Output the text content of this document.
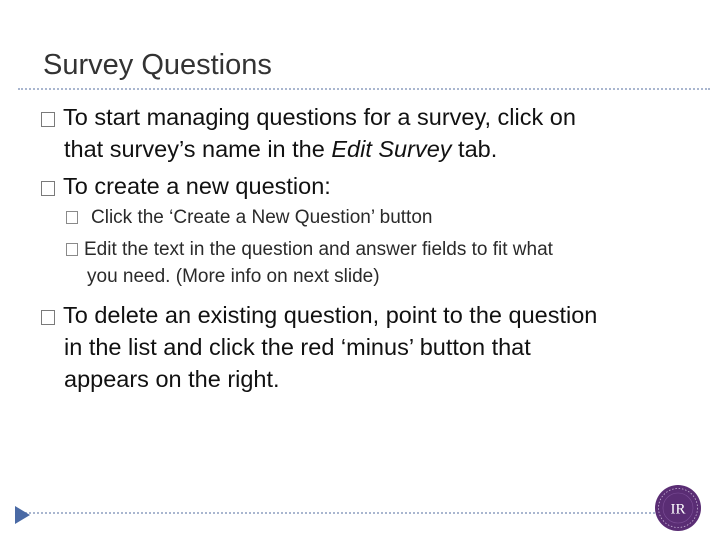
Survey Questions
To start managing questions for a survey, click on
that survey’s name in the Edit Survey tab.
To create a new question:
Click the ‘Create a New Question’ button
Edit the text in the question and answer fields to fit what
you need. (More info on next slide)
To delete an existing question, point to the question
in the list and click the red ‘minus’ button that
appears on the right.
IR
